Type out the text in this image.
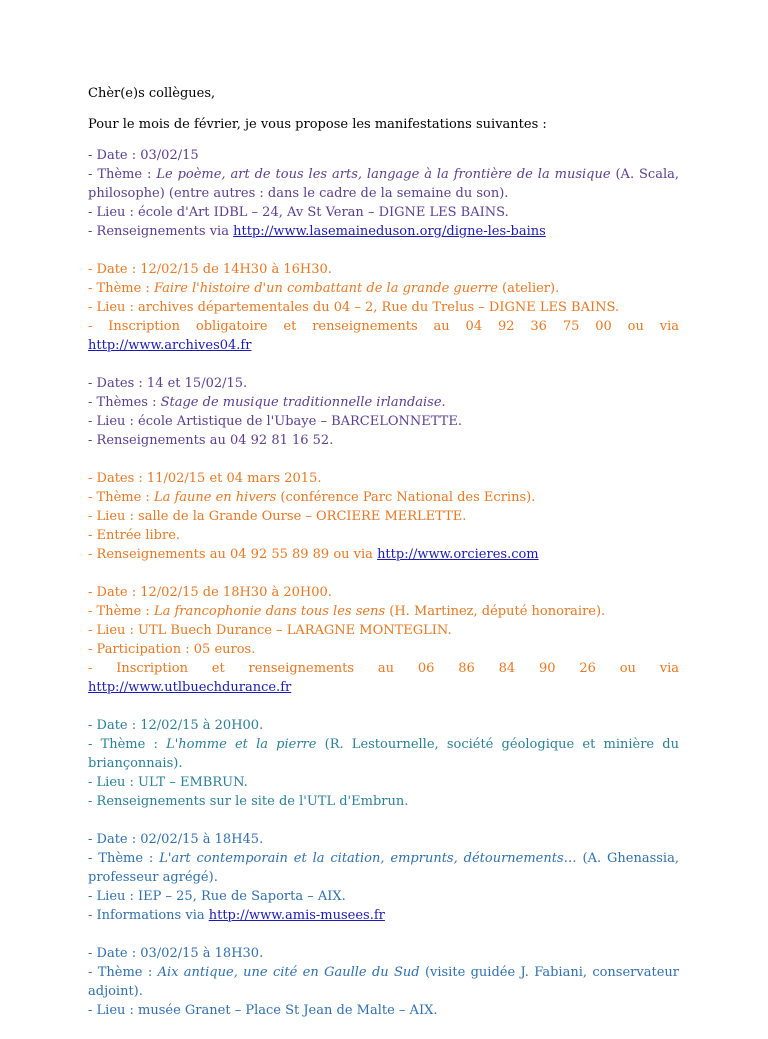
Chèr(e)s collègues,

Pour le mois de février, je vous propose les manifestations suivantes :

- Date : 03/02/15

- Thème : Le poème, art de tous les arts, langage à la frontière de la musique (A. Scala, philosophe) (entre autres : dans le cadre de la semaine du son).

- Lieu : école d'Art IDBL – 24, Av St Veran – DIGNE LES BAINS.

- Renseignements via http://www.lasemaineduson.org/digne-les-bains

- Date : 12/02/15 de 14H30 à 16H30.

- Thème : Faire l'histoire d'un combattant de la grande guerre (atelier).

- Lieu : archives départementales du 04 – 2, Rue du Trelus – DIGNE LES BAINS.

- Inscription obligatoire et renseignements au 04 92 36 75 00 ou via

http://www.archives04.fr

- Dates : 14 et 15/02/15.

- Thèmes : Stage de musique traditionnelle irlandaise.

- Lieu : école Artistique de l'Ubaye – BARCELONNETTE.

- Renseignements au 04 92 81 16 52.

- Dates : 11/02/15 et 04 mars 2015.

- Thème : La faune en hivers (conférence Parc National des Ecrins).

- Lieu : salle de la Grande Ourse – ORCIERE MERLETTE.

- Entrée libre.

- Renseignements au 04 92 55 89 89 ou via http://www.orcieres.com

- Date : 12/02/15 de 18H30 à 20H00.

- Thème : La francophonie dans tous les sens (H. Martinez, député honoraire).

- Lieu : UTL Buech Durance – LARAGNE MONTEGLIN.

- Participation : 05 euros.

- Inscription et renseignements au 06 86 84 90 26 ou via

http://www.utlbuechdurance.fr

- Date : 12/02/15 à 20H00.

- Thème : L'homme et la pierre (R. Lestournelle, société géologique et minière du briançonnais).

- Lieu : ULT – EMBRUN.

- Renseignements sur le site de l'UTL d'Embrun.

- Date : 02/02/15 à 18H45.

- Thème : L'art contemporain et la citation, emprunts, détournements… (A. Ghenassia, professeur agrégé).

- Lieu : IEP – 25, Rue de Saporta – AIX.

- Informations via http://www.amis-musees.fr

- Date : 03/02/15 à 18H30.

- Thème : Aix antique, une cité en Gaulle du Sud (visite guidée J. Fabiani, conservateur adjoint).

- Lieu : musée Granet – Place St Jean de Malte – AIX.
